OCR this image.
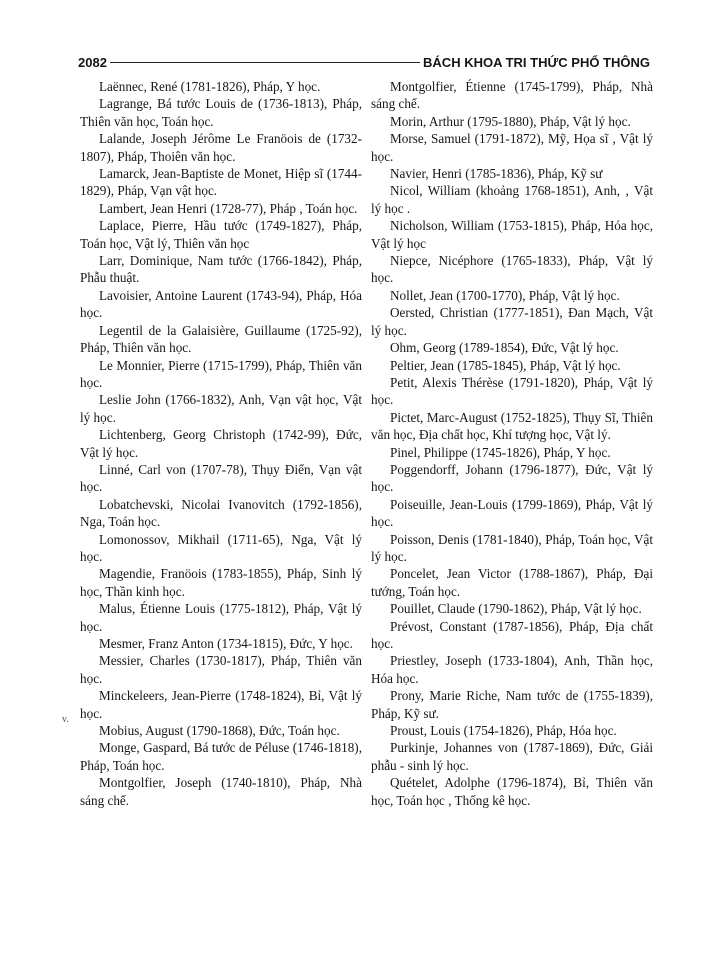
2082	BÁCH KHOA TRI THỨC PHỔ THÔNG
v.

Laënnec, René (1781-1826), Pháp, Y học.

Lagrange, Bá tước Louis de (1736-1813), Pháp, Thiên văn học, Toán học.

Lalande, Joseph Jérôme Le Franöois de (1732-1807), Pháp, Thoiên văn học.

Lamarck, Jean-Baptiste de Monet, Hiệp sĩ (1744-1829), Pháp, Vạn vật học.

Lambert, Jean Henri (1728-77), Pháp , Toán học.

Laplace, Pierre, Hầu tước (1749-1827), Pháp, Toán học, Vật lý, Thiên văn học

Larr, Dominique, Nam tước (1766-1842), Pháp, Phẫu thuật.

Lavoisier, Antoine Laurent (1743-94), Pháp, Hóa học.

Legentil de la Galaisière, Guillaume (1725-92), Pháp, Thiên văn học.

Le Monnier, Pierre (1715-1799), Pháp, Thiên văn học.

Leslie John (1766-1832), Anh, Vạn vật học, Vật lý học.

Lichtenberg, Georg Christoph (1742-99), Đức, Vật lý học.

Linné, Carl von (1707-78), Thụy Điển, Vạn vật học.

Lobatchevski, Nicolai Ivanovitch (1792-1856), Nga, Toán học.

Lomonossov, Mikhail (1711-65), Nga, Vật lý học.

Magendie, Franöois (1783-1855), Pháp, Sinh lý học, Thần kinh học.

Malus, Étienne Louis (1775-1812), Pháp, Vật lý học.

Mesmer, Franz Anton (1734-1815), Đức, Y học.

Messier, Charles (1730-1817), Pháp, Thiên văn học.

Minckeleers, Jean-Pierre (1748-1824), Bỉ, Vật lý học.

Mobius, August (1790-1868), Đức, Toán học.

Monge, Gaspard, Bá tước de Péluse (1746-1818), Pháp, Toán học.

Montgolfier, Joseph (1740-1810), Pháp, Nhà sáng chế.

Montgolfier, Étienne (1745-1799), Pháp, Nhà sáng chế.

Morin, Arthur (1795-1880), Pháp, Vật lý học.

Morse, Samuel (1791-1872), Mỹ, Họa sĩ , Vật lý học.

Navier, Henri (1785-1836), Pháp, Kỹ sư

Nicol, William (khoảng 1768-1851), Anh, , Vật lý học .

Nicholson, William (1753-1815), Pháp, Hóa học, Vật lý học

Niepce, Nicéphore (1765-1833), Pháp, Vật lý học.

Nollet, Jean (1700-1770), Pháp, Vật lý học.

Oersted, Christian (1777-1851), Đan Mạch, Vật lý học.

Ohm, Georg (1789-1854), Đức, Vật lý học.

Peltier, Jean (1785-1845), Pháp, Vật lý học.

Petit, Alexis Thérèse (1791-1820), Pháp, Vật lý học.

Pictet, Marc-August (1752-1825), Thụy Sĩ, Thiên văn học, Địa chất học, Khí tượng học, Vật lý.

Pinel, Philippe (1745-1826), Pháp, Y học.

Poggendorff, Johann (1796-1877), Đức, Vật lý học.

Poiseuille, Jean-Louis (1799-1869), Pháp, Vật lý học.

Poisson, Denis (1781-1840), Pháp, Toán học, Vật lý học.

Poncelet, Jean Victor (1788-1867), Pháp, Đại tướng, Toán học.

Pouillet, Claude (1790-1862), Pháp, Vật lý học.

Prévost, Constant (1787-1856), Pháp, Địa chất học.

Priestley, Joseph (1733-1804), Anh, Thần học, Hóa học.

Prony, Marie Riche, Nam tước de (1755-1839), Pháp, Kỹ sư.

Proust, Louis (1754-1826), Pháp, Hóa học.

Purkinje, Johannes von (1787-1869), Đức, Giải phẫu - sinh lý học.

Quételet, Adolphe (1796-1874), Bỉ, Thiên văn học, Toán học , Thống kê học.
